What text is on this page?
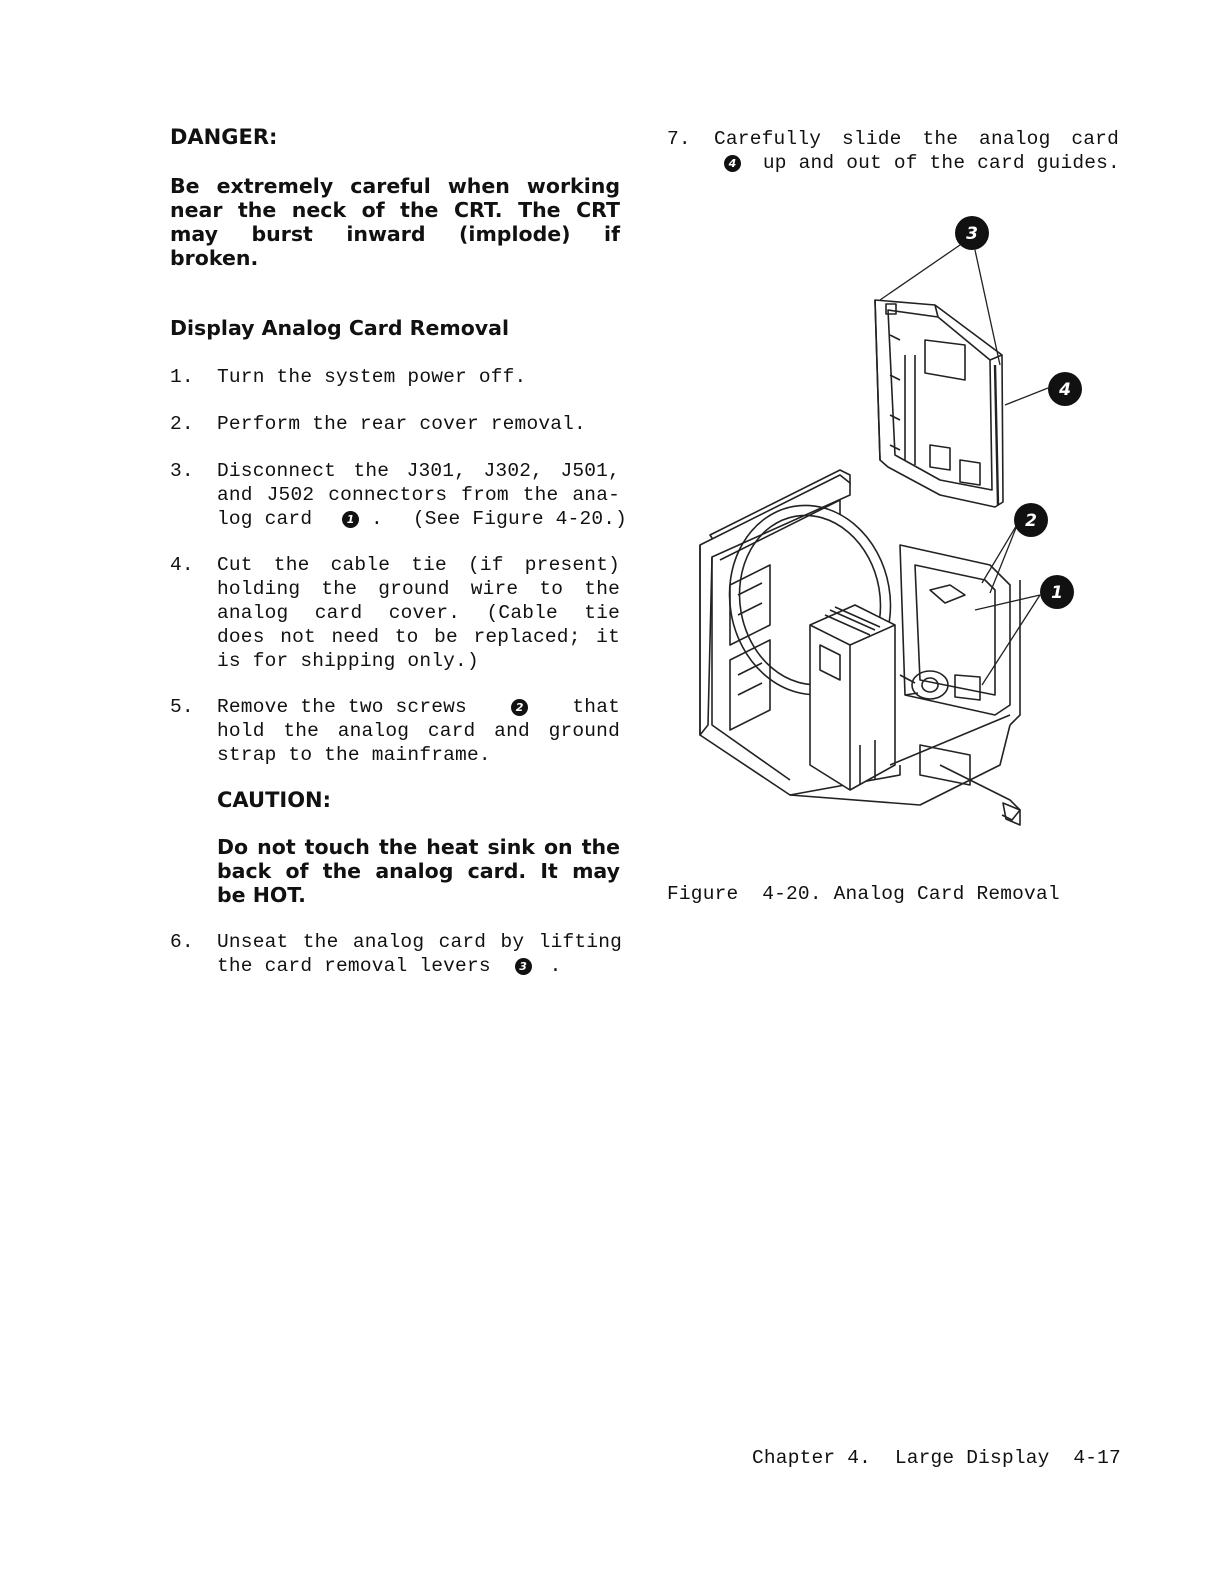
DANGER:
Be extremely careful when working
near the neck of the CRT. The CRT
may burst inward (implode) if
broken.
Display Analog Card Removal
1. Turn the system power off.
2. Perform the rear cover removal.
3. Disconnect the J301, J302, J501,
and J502 connectors from the ana-
log card	1 . (See Figure 4-20.)
4. Cut the cable tie (if present)
holding the ground wire to the
analog card cover. (Cable tie
does not need to be replaced; it
is for shipping only.)
5. Remove the two screws	2	that
hold the analog card and ground
strap to the mainframe.
CAUTION:
Do not touch the heat sink on the
back of the analog card. It may
be HOT.
6. Unseat the analog card by lifting
the card removal levers	3 .
7. Carefully slide the analog card
4 up and out of the card guides.
3
4
2
1
Figure  4-20. Analog Card Removal
Chapter 4.  Large Display  4-17
